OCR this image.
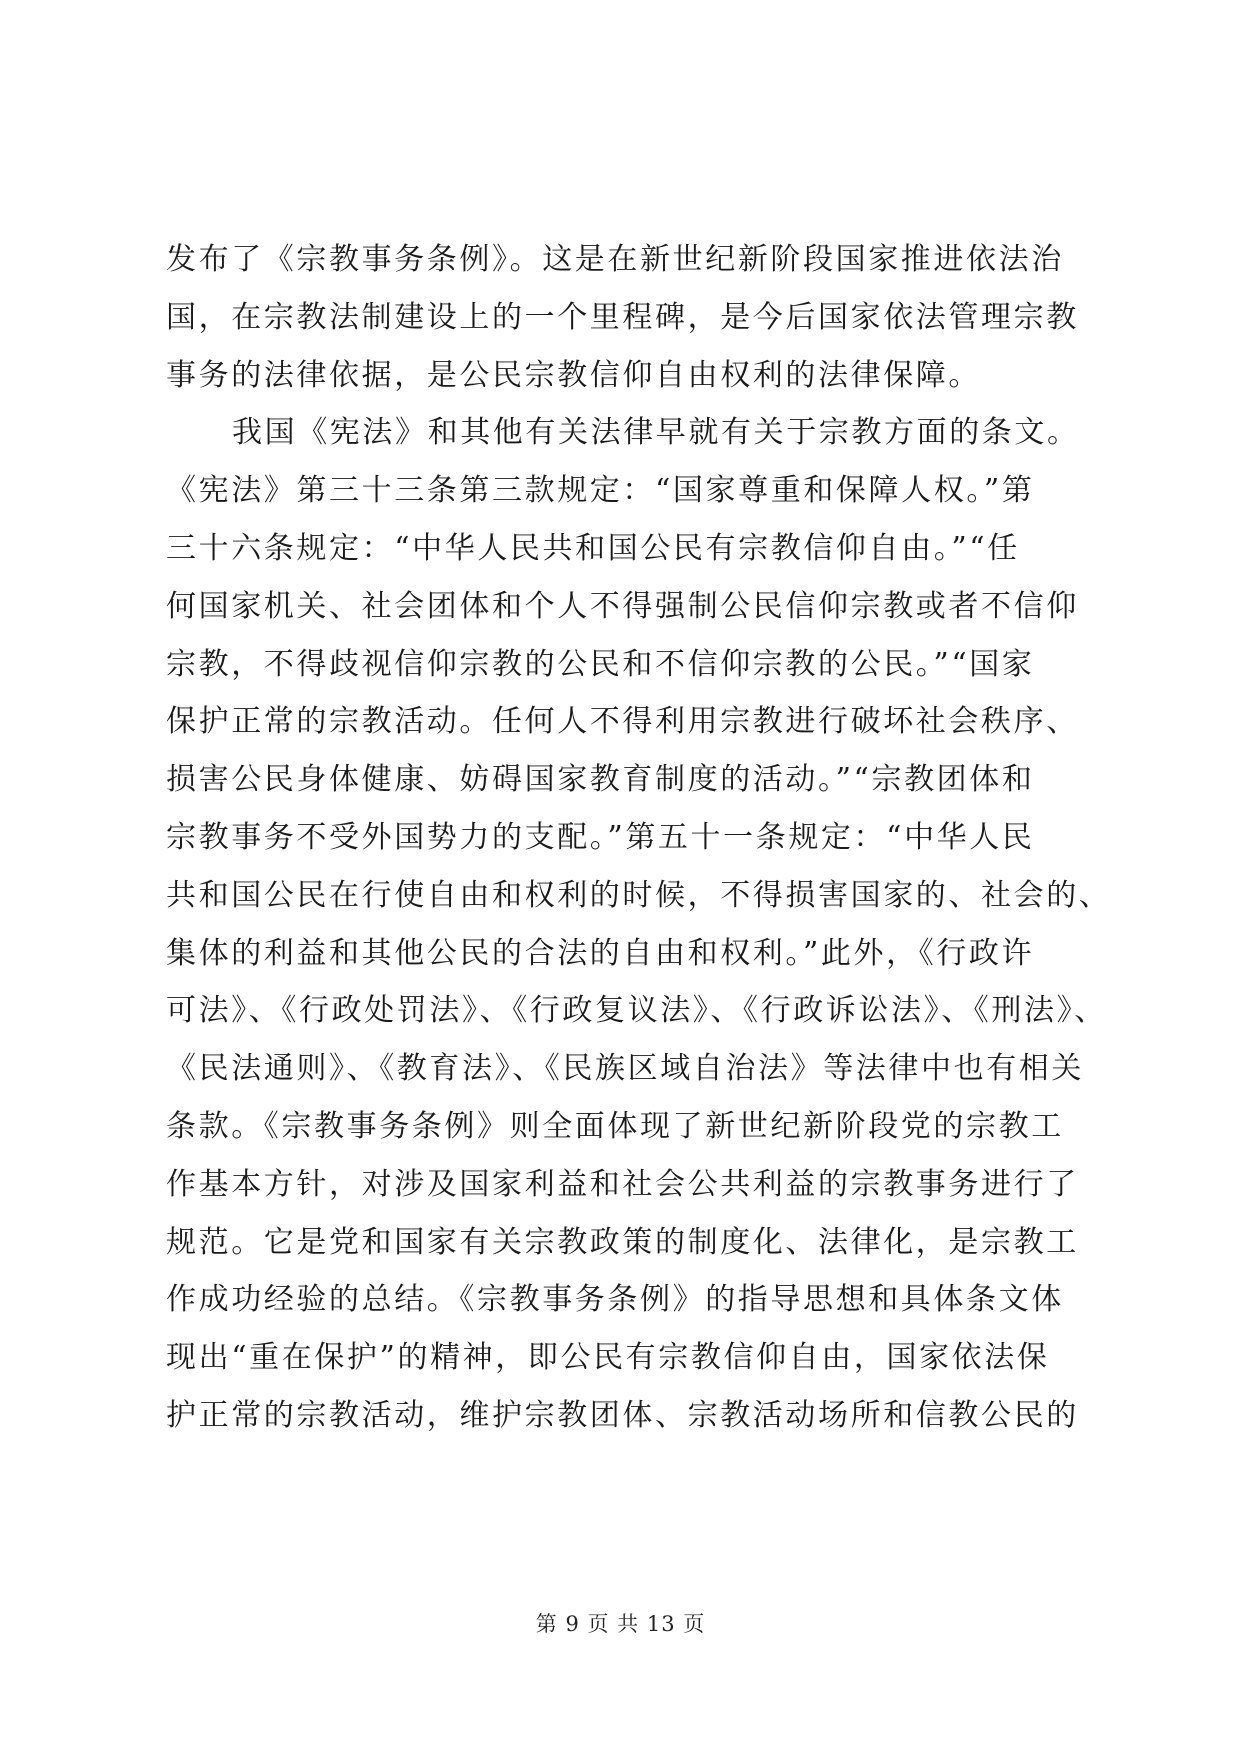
发布了《宗教事务条例》。这是在新世纪新阶段国家推进依法治
国，在宗教法制建设上的一个里程碑，是今后国家依法管理宗教
事务的法律依据，是公民宗教信仰自由权利的法律保障。
我国《宪法》和其他有关法律早就有关于宗教方面的条文。
《宪法》第三十三条第三款规定：“国家尊重和保障人权。”第
三十六条规定：“中华人民共和国公民有宗教信仰自由。”“任
何国家机关、社会团体和个人不得强制公民信仰宗教或者不信仰
宗教，不得歧视信仰宗教的公民和不信仰宗教的公民。”“国家
保护正常的宗教活动。任何人不得利用宗教进行破坏社会秩序、
损害公民身体健康、妨碍国家教育制度的活动。”“宗教团体和
宗教事务不受外国势力的支配。”第五十一条规定：“中华人民
共和国公民在行使自由和权利的时候，不得损害国家的、社会的、
集体的利益和其他公民的合法的自由和权利。”此外，《行政许
可法》、《行政处罚法》、《行政复议法》、《行政诉讼法》、《刑法》、
《民法通则》、《教育法》、《民族区域自治法》等法律中也有相关
条款。《宗教事务条例》则全面体现了新世纪新阶段党的宗教工
作基本方针，对涉及国家利益和社会公共利益的宗教事务进行了
规范。它是党和国家有关宗教政策的制度化、法律化，是宗教工
作成功经验的总结。《宗教事务条例》的指导思想和具体条文体
现出“重在保护”的精神，即公民有宗教信仰自由，国家依法保
护正常的宗教活动，维护宗教团体、宗教活动场所和信教公民的
第 9 页 共 13 页
